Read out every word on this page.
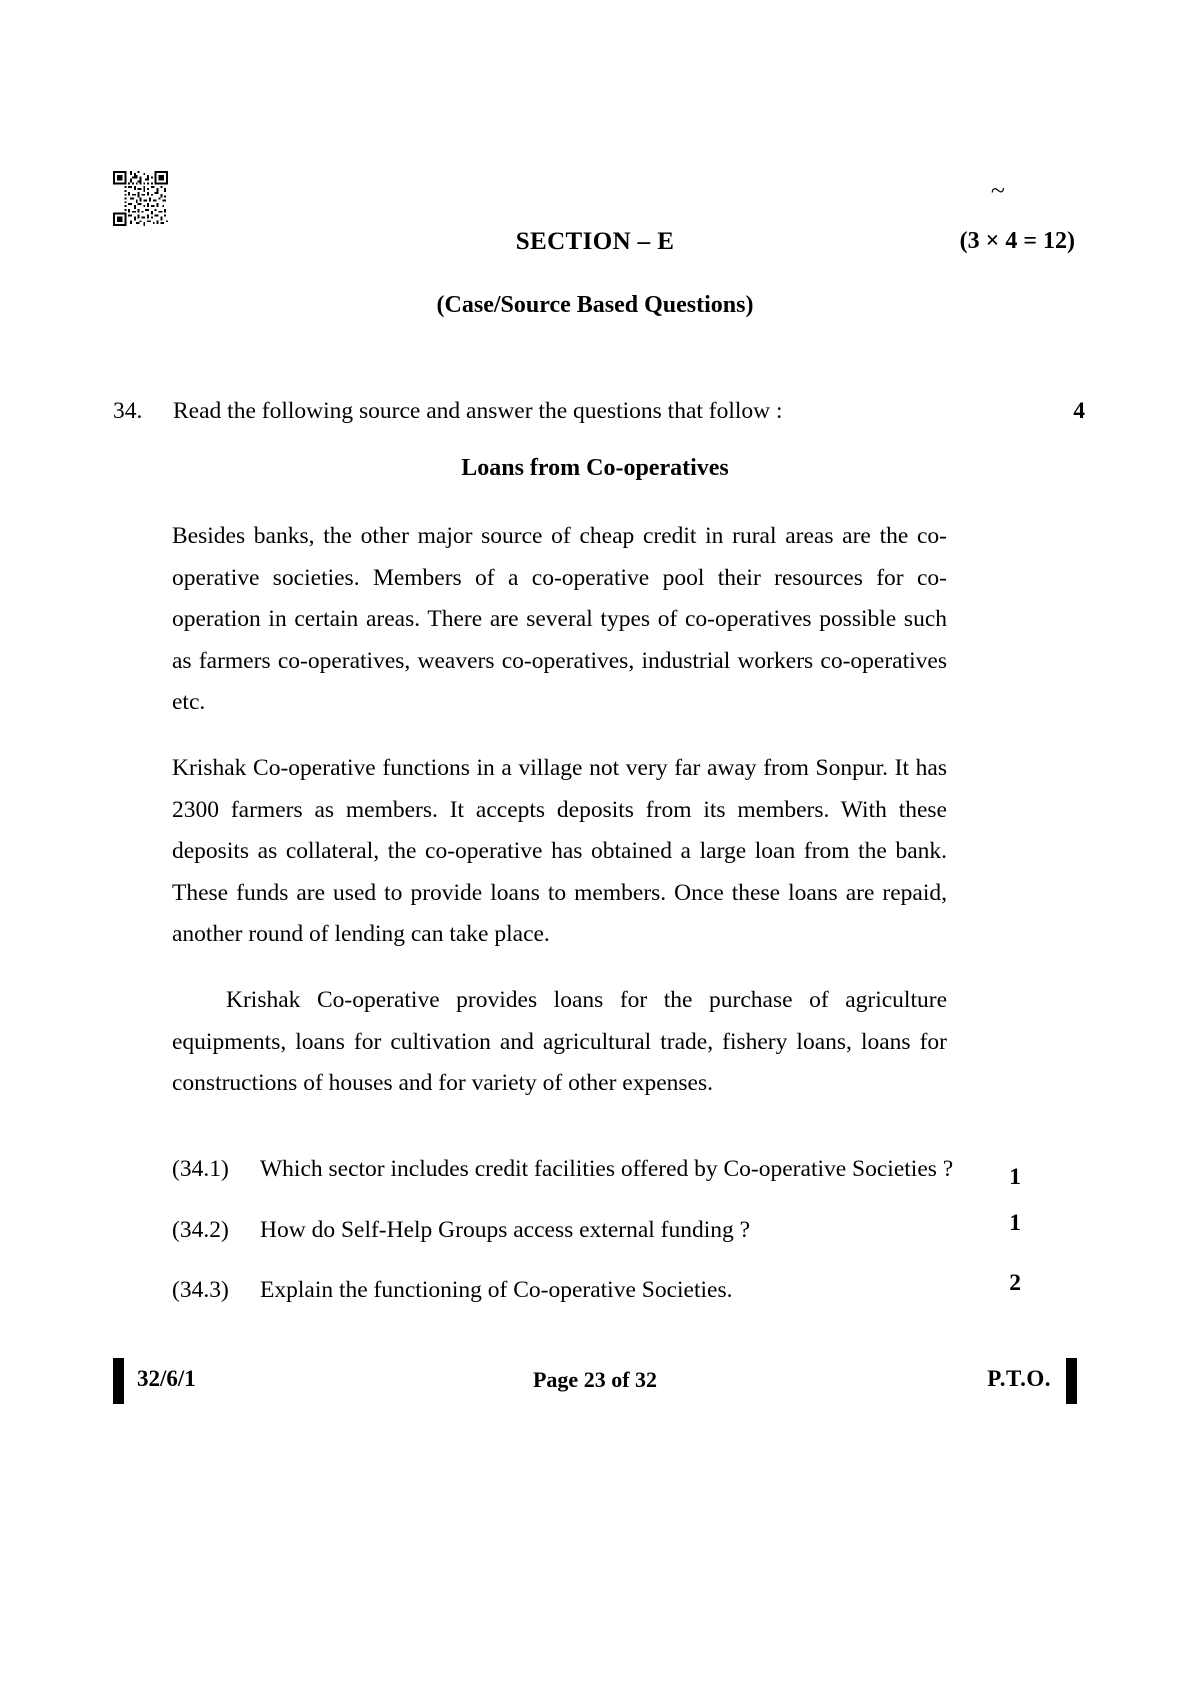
~
SECTION – E	(3 × 4 = 12)
(Case/Source Based Questions)
34.	Read the following source and answer the questions that follow :	4
Loans from Co-operatives

Besides banks, the other major source of cheap credit in rural areas are the co-operative societies. Members of a co-operative pool their resources for co-operation in certain areas. There are several types of co-operatives possible such as farmers co-operatives, weavers co-operatives, industrial workers co-operatives etc.

Krishak Co-operative functions in a village not very far away from Sonpur. It has 2300 farmers as members. It accepts deposits from its members. With these deposits as collateral, the co-operative has obtained a large loan from the bank. These funds are used to provide loans to members. Once these loans are repaid, another round of lending can take place.

Krishak Co-operative provides loans for the purchase of agriculture equipments, loans for cultivation and agricultural trade, fishery loans, loans for constructions of houses and for variety of other expenses.

(34.1)	Which sector includes credit facilities offered by Co-operative Societies ?	1
(34.2)	How do Self-Help Groups access external funding ?	1
(34.3)	Explain the functioning of Co-operative Societies.	2
32/6/1	Page 23 of 32	P.T.O.
